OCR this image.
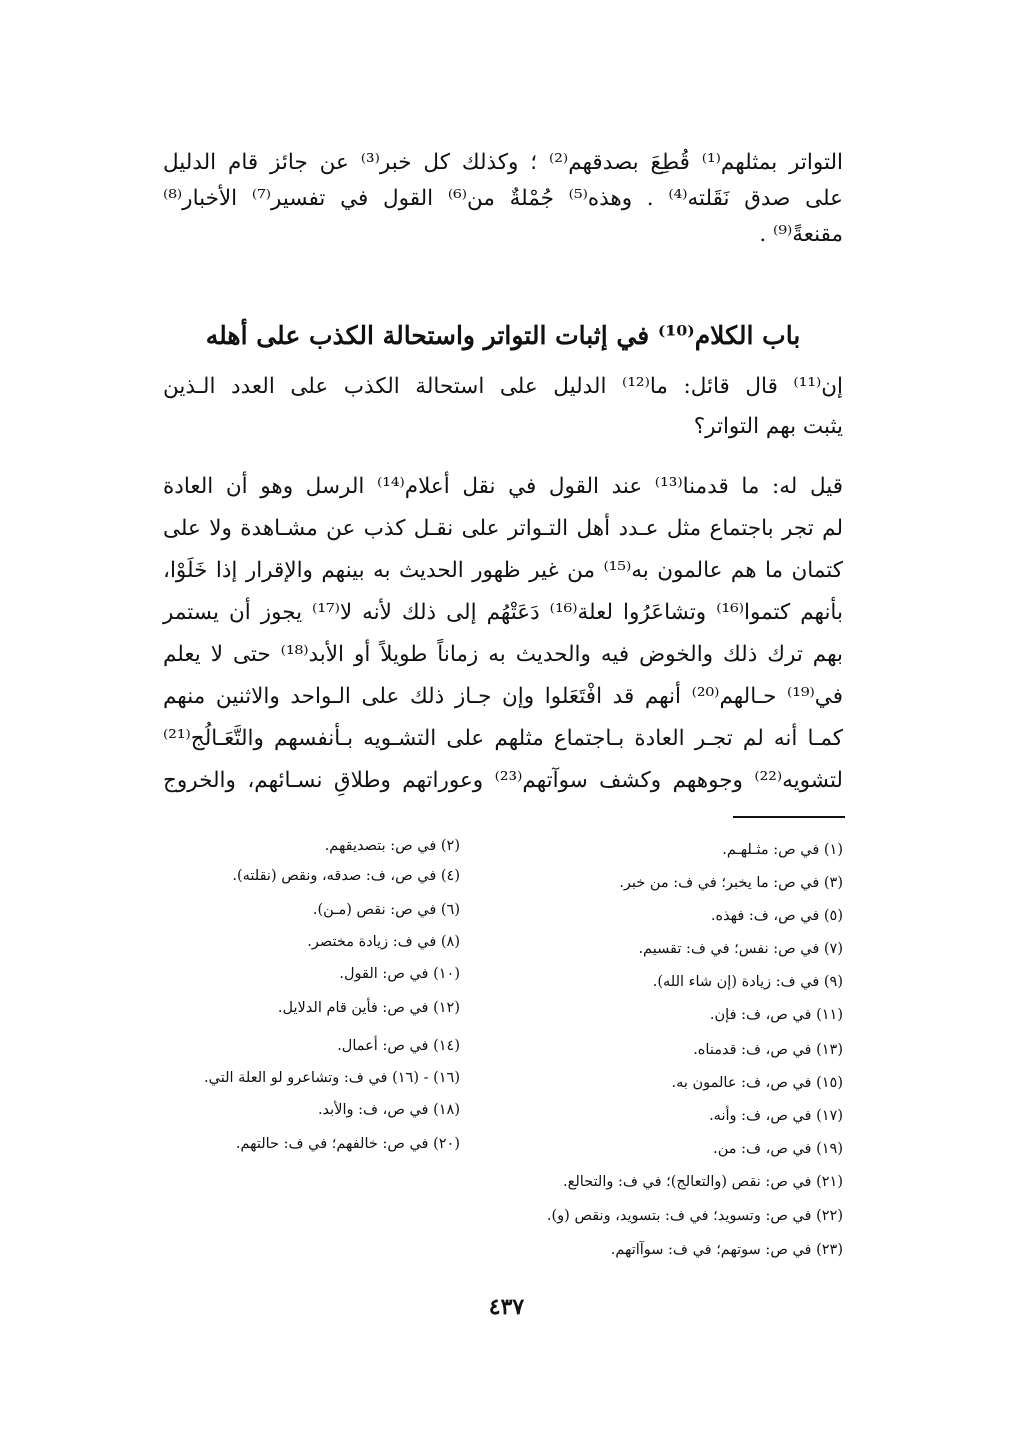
التواتر بمثلهم⁽¹⁾ قُطِعَ بصدقهم⁽²⁾ ؛ وكذلك كل خبر⁽³⁾ عن جائز قام الدليل
على صدق نَقَلته⁽⁴⁾ . وهذه⁽⁵⁾ جُمْلةٌ من⁽⁶⁾ القول في تفسير⁽⁷⁾ الأخبار⁽⁸⁾
مقنعةً⁽⁹⁾ .
باب الكلام⁽¹⁰⁾ في إثبات التواتر واستحالة الكذب على أهله
إن⁽¹¹⁾ قال قائل: ما⁽¹²⁾ الدليل على استحالة الكذب على العدد الـذين
يثبت بهم التواتر؟
قيل له: ما قدمنا⁽¹³⁾ عند القول في نقل أعلام⁽¹⁴⁾ الرسل وهو أن العادة
لم تجر باجتماع مثل عـدد أهل التـواتر على نقـل كذب عن مشـاهدة ولا على
كتمان ما هم عالمون به⁽¹⁵⁾ من غير ظهور الحديث به بينهم والإقرار إذا خَلَوْا،
بأنهم كتموا⁽¹⁶⁾ وتشاعَرُوا لعلة⁽¹⁶⁾ دَعَتْهُم إلى ذلك لأنه لا⁽¹⁷⁾ يجوز أن يستمر
بهم ترك ذلك والخوض فيه والحديث به زماناً طويلاً أو الأبد⁽¹⁸⁾ حتى لا يعلم
في⁽¹⁹⁾ حـالهم⁽²⁰⁾ أنهم قد افْتَعَلوا وإن جـاز ذلك على الـواحد والاثنين منهم
كمـا أنه لم تجـر العادة بـاجتماع مثلهم على التشـويه بـأنفسهم والتَّعَـالُج⁽²¹⁾
لتشويه⁽²²⁾ وجوههم وكشف سوآتهم⁽²³⁾ وعوراتهم وطلاقِ نسـائهم، والخروج
(١) في ص: مثـلهـم.
(٣) في ص: ما يخبر؛ في ف: من خبر.
(٥) في ص، ف: فهذه.
(٧) في ص: نفس؛ في ف: تقسيم.
(٩) في ف: زيادة (إن شاء الله).
(١١) في ص، ف: فإن.
(١٣) في ص، ف: قدمناه.
(١٥) في ص، ف: عالمون به.
(١٧) في ص، ف: وأنه.
(١٩) في ص، ف: من.
(٢١) في ص: نقص (والتعالج)؛ في ف: والتحالع.
(٢٢) في ص: وتسويد؛ في ف: بتسويد، ونقص (و).
(٢٣) في ص: سوتهم؛ في ف: سوآاتهم.
(٢) في ص: بتصديقهم.
(٤) في ص، ف: صدقه، ونقص (نقلته).
(٦) في ص: نقص (مـن).
(٨) في ف: زيادة مختصر.
(١٠) في ص: القول.
(١٢) في ص: فأين قام الدلايل.
(١٤) في ص: أعمال.
(١٦) - (١٦) في ف: وتشاعرو لو العلة التي.
(١٨) في ص، ف: والأبد.
(٢٠) في ص: خالفهم؛ في ف: حالتهم.
٤٣٧
